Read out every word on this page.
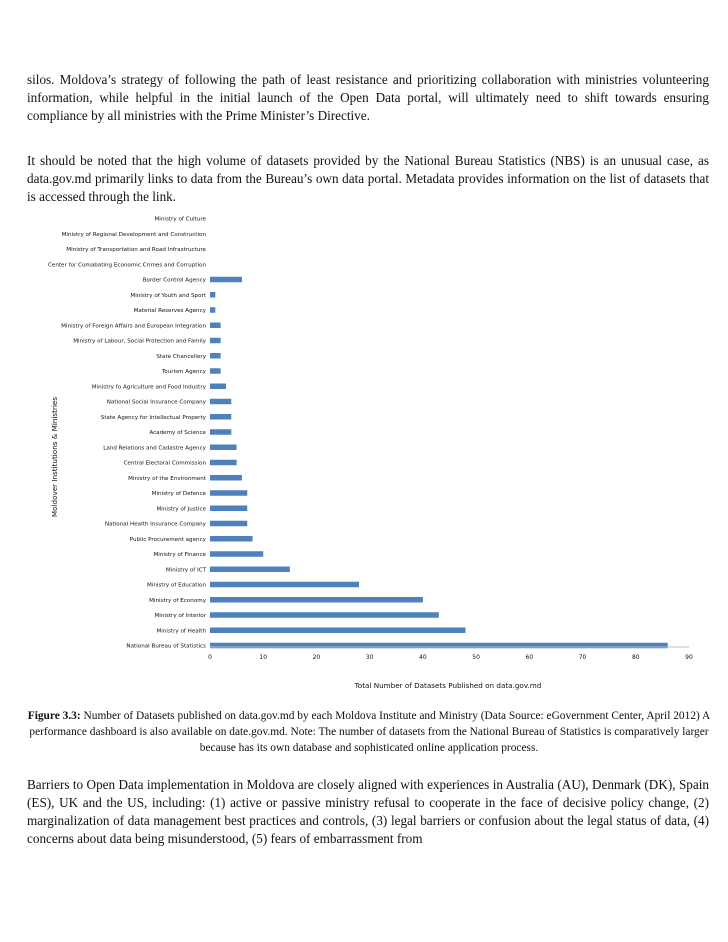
silos. Moldova’s strategy of following the path of least resistance and prioritizing collaboration with ministries volunteering information, while helpful in the initial launch of the Open Data portal, will ultimately need to shift towards ensuring compliance by all ministries with the Prime Minister’s Directive.

It should be noted that the high volume of datasets provided by the National Bureau Statistics (NBS) is an unusual case, as data.gov.md primarily links to data from the Bureau’s own data portal. Metadata provides information on the list of datasets that is accessed through the link.

Ministry of Culture
Ministry of Regional Development and Construction
Ministry of Transportation and Road Infrastructure
Center for Comabating Economic Crimes and Corruption
Border Control Agency
Ministry of Youth and Sport
Material Reserves Agency
Ministry of Foreign Affairs and European Integration
Ministry of Labour, Social Protection and Family
State Chancellery
Tourism Agency
Ministry fo Agriculture and Food Industry
National Social Insurance Company
State Agency for Intellectual Property
Academy of Science
Land Relations and Cadastre Agency
Central Electoral Commission
Ministry of the Environment
Ministry of Defence
Ministry of Justice
National Health Insurance Company
Public Procurement agency
Ministry of Finance
Ministry of ICT
Ministry of Education
Ministry of Economy
Ministry of Interior
Ministry of Health
National Bureau of Statistics
0	10	20	30	40	50	60	70	80	90
Total Number of Datasets Published on data.gov.md
Moldover Institutions & Ministries

Figure 3.3: Number of Datasets published on data.gov.md by each Moldova Institute and Ministry (Data Source: eGovernment Center, April 2012) A performance dashboard is also available on date.gov.md. Note: The number of datasets from the National Bureau of Statistics is comparatively larger because has its own database and sophisticated online application process.

Barriers to Open Data implementation in Moldova are closely aligned with experiences in Australia (AU), Denmark (DK), Spain (ES), UK and the US, including: (1) active or passive ministry refusal to cooperate in the face of decisive policy change, (2) marginalization of data management best practices and controls, (3) legal barriers or confusion about the legal status of data, (4) concerns about data being misunderstood, (5) fears of embarrassment from
